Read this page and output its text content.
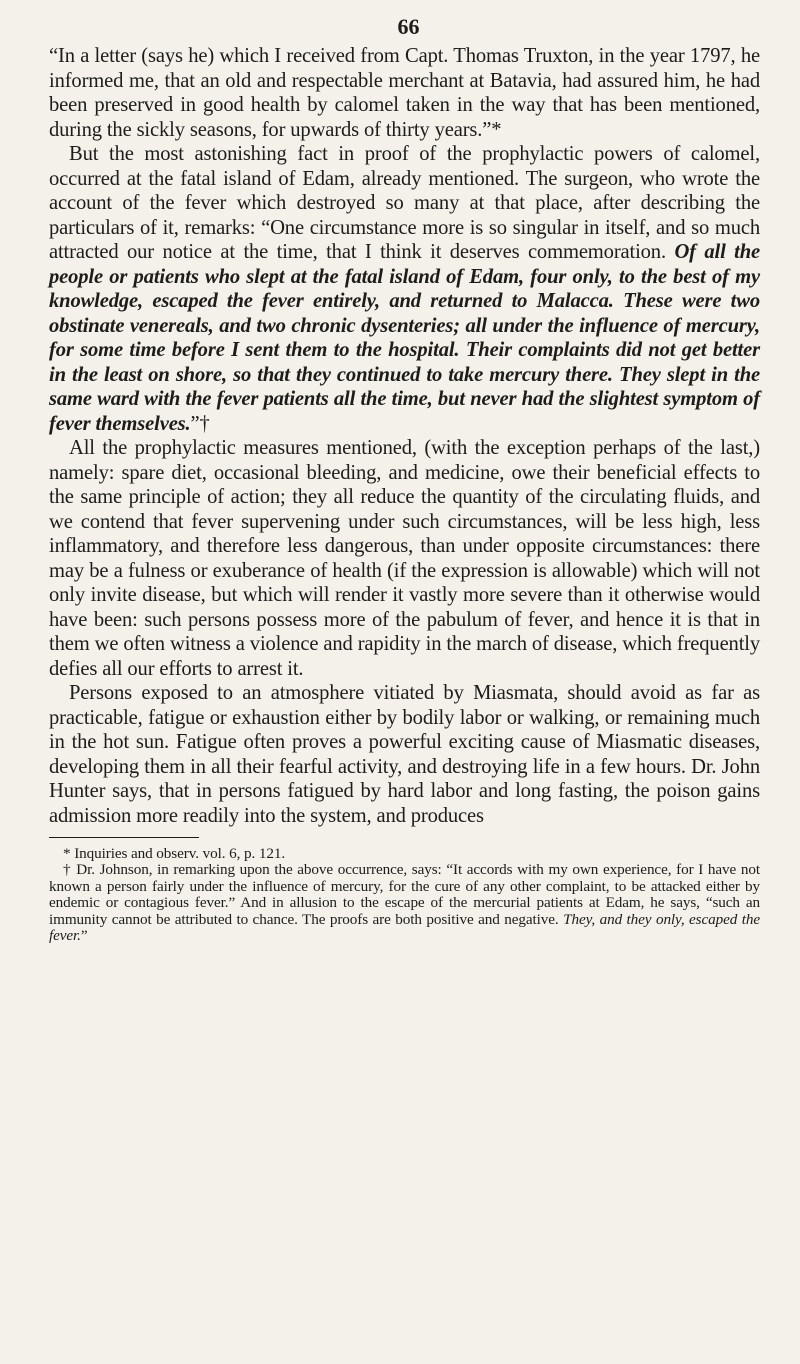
66

“In a letter (says he) which I received from Capt. Thomas Truxton, in the year 1797, he informed me, that an old and respectable merchant at Batavia, had assured him, he had been preserved in good health by calomel taken in the way that has been mentioned, during the sickly seasons, for upwards of thirty years.”*

But the most astonishing fact in proof of the prophylactic powers of calomel, occurred at the fatal island of Edam, already mentioned. The surgeon, who wrote the account of the fever which destroyed so many at that place, after describing the particulars of it, remarks: “One circumstance more is so singular in itself, and so much attracted our notice at the time, that I think it deserves commemoration. Of all the people or patients who slept at the fatal island of Edam, four only, to the best of my knowledge, escaped the fever entirely, and returned to Malacca. These were two obstinate venereals, and two chronic dysenteries; all under the influence of mercury, for some time before I sent them to the hospital. Their complaints did not get better in the least on shore, so that they continued to take mercury there. They slept in the same ward with the fever patients all the time, but never had the slightest symptom of fever themselves.”†

All the prophylactic measures mentioned, (with the exception perhaps of the last,) namely: spare diet, occasional bleeding, and medicine, owe their beneficial effects to the same principle of action; they all reduce the quantity of the circulating fluids, and we contend that fever supervening under such circumstances, will be less high, less inflammatory, and therefore less dangerous, than under opposite circumstances: there may be a fulness or exuberance of health (if the expression is allowable) which will not only invite disease, but which will render it vastly more severe than it otherwise would have been: such persons possess more of the pabulum of fever, and hence it is that in them we often witness a violence and rapidity in the march of disease, which frequently defies all our efforts to arrest it.

Persons exposed to an atmosphere vitiated by Miasmata, should avoid as far as practicable, fatigue or exhaustion either by bodily labor or walking, or remaining much in the hot sun. Fatigue often proves a powerful exciting cause of Miasmatic diseases, developing them in all their fearful activity, and destroying life in a few hours. Dr. John Hunter says, that in persons fatigued by hard labor and long fasting, the poison gains admission more readily into the system, and produces

* Inquiries and observ. vol. 6, p. 121.

† Dr. Johnson, in remarking upon the above occurrence, says: “It accords with my own experience, for I have not known a person fairly under the influence of mercury, for the cure of any other complaint, to be attacked either by endemic or contagious fever.” And in allusion to the escape of the mercurial patients at Edam, he says, “such an immunity cannot be attributed to chance. The proofs are both positive and negative. They, and they only, escaped the fever.”
